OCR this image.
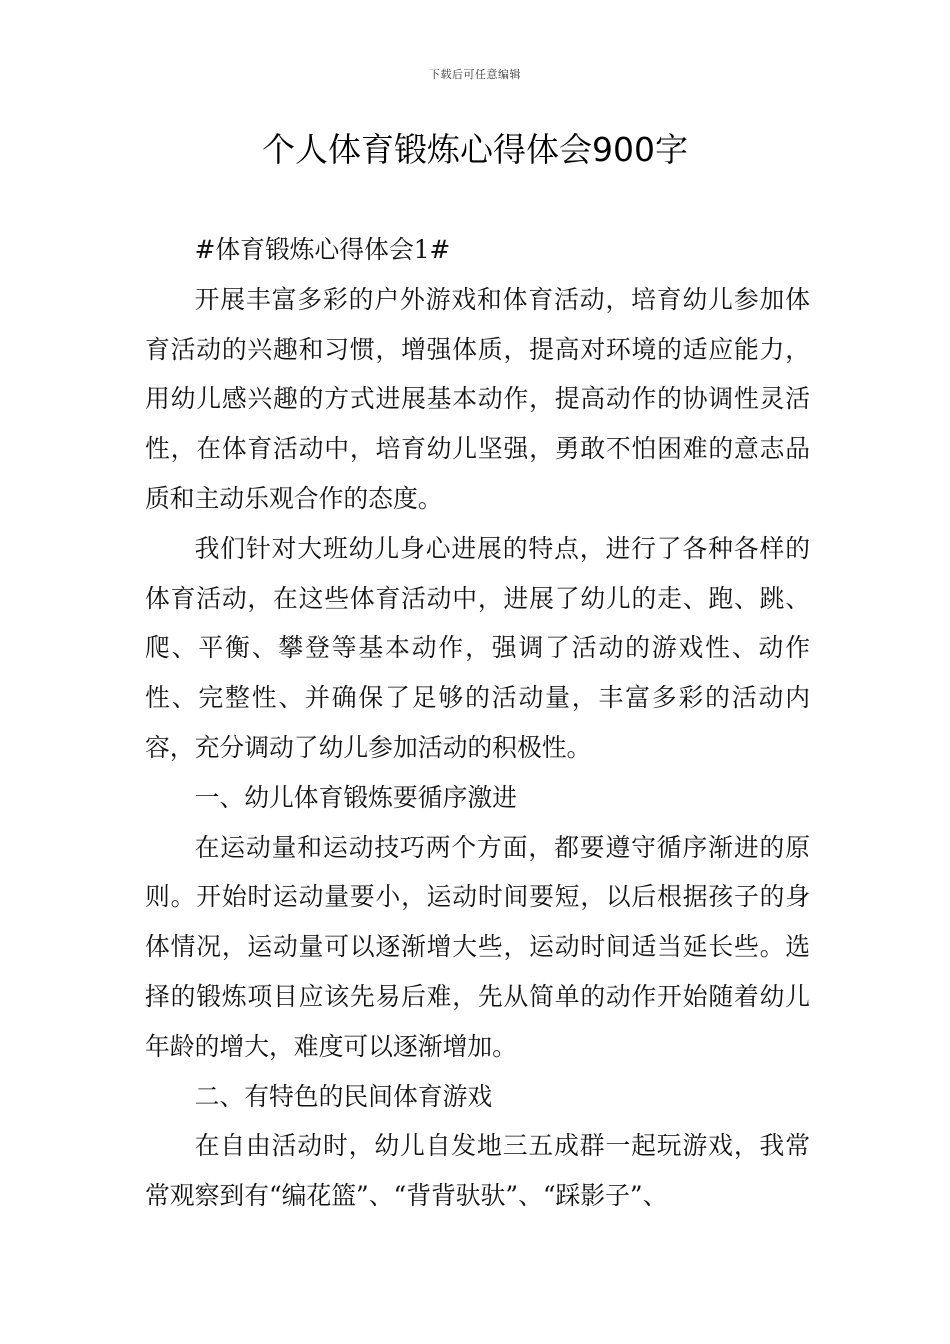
下载后可任意编辑
个人体育锻炼心得体会900字

#体育锻炼心得体会1#

开展丰富多彩的户外游戏和体育活动，培育幼儿参加体育活动的兴趣和习惯，增强体质，提高对环境的适应能力，用幼儿感兴趣的方式进展基本动作，提高动作的协调性灵活性，在体育活动中，培育幼儿坚强，勇敢不怕困难的意志品质和主动乐观合作的态度。

我们针对大班幼儿身心进展的特点，进行了各种各样的体育活动，在这些体育活动中，进展了幼儿的走、跑、跳、爬、平衡、攀登等基本动作，强调了活动的游戏性、动作性、完整性、并确保了足够的活动量，丰富多彩的活动内容，充分调动了幼儿参加活动的积极性。

一、幼儿体育锻炼要循序激进

在运动量和运动技巧两个方面，都要遵守循序渐进的原则。开始时运动量要小，运动时间要短，以后根据孩子的身体情况，运动量可以逐渐增大些，运动时间适当延长些。选择的锻炼项目应该先易后难，先从简单的动作开始随着幼儿年龄的增大，难度可以逐渐增加。

二、有特色的民间体育游戏

在自由活动时，幼儿自发地三五成群一起玩游戏，我常常观察到有“编花篮”、“背背驮驮”、“踩影子”、
